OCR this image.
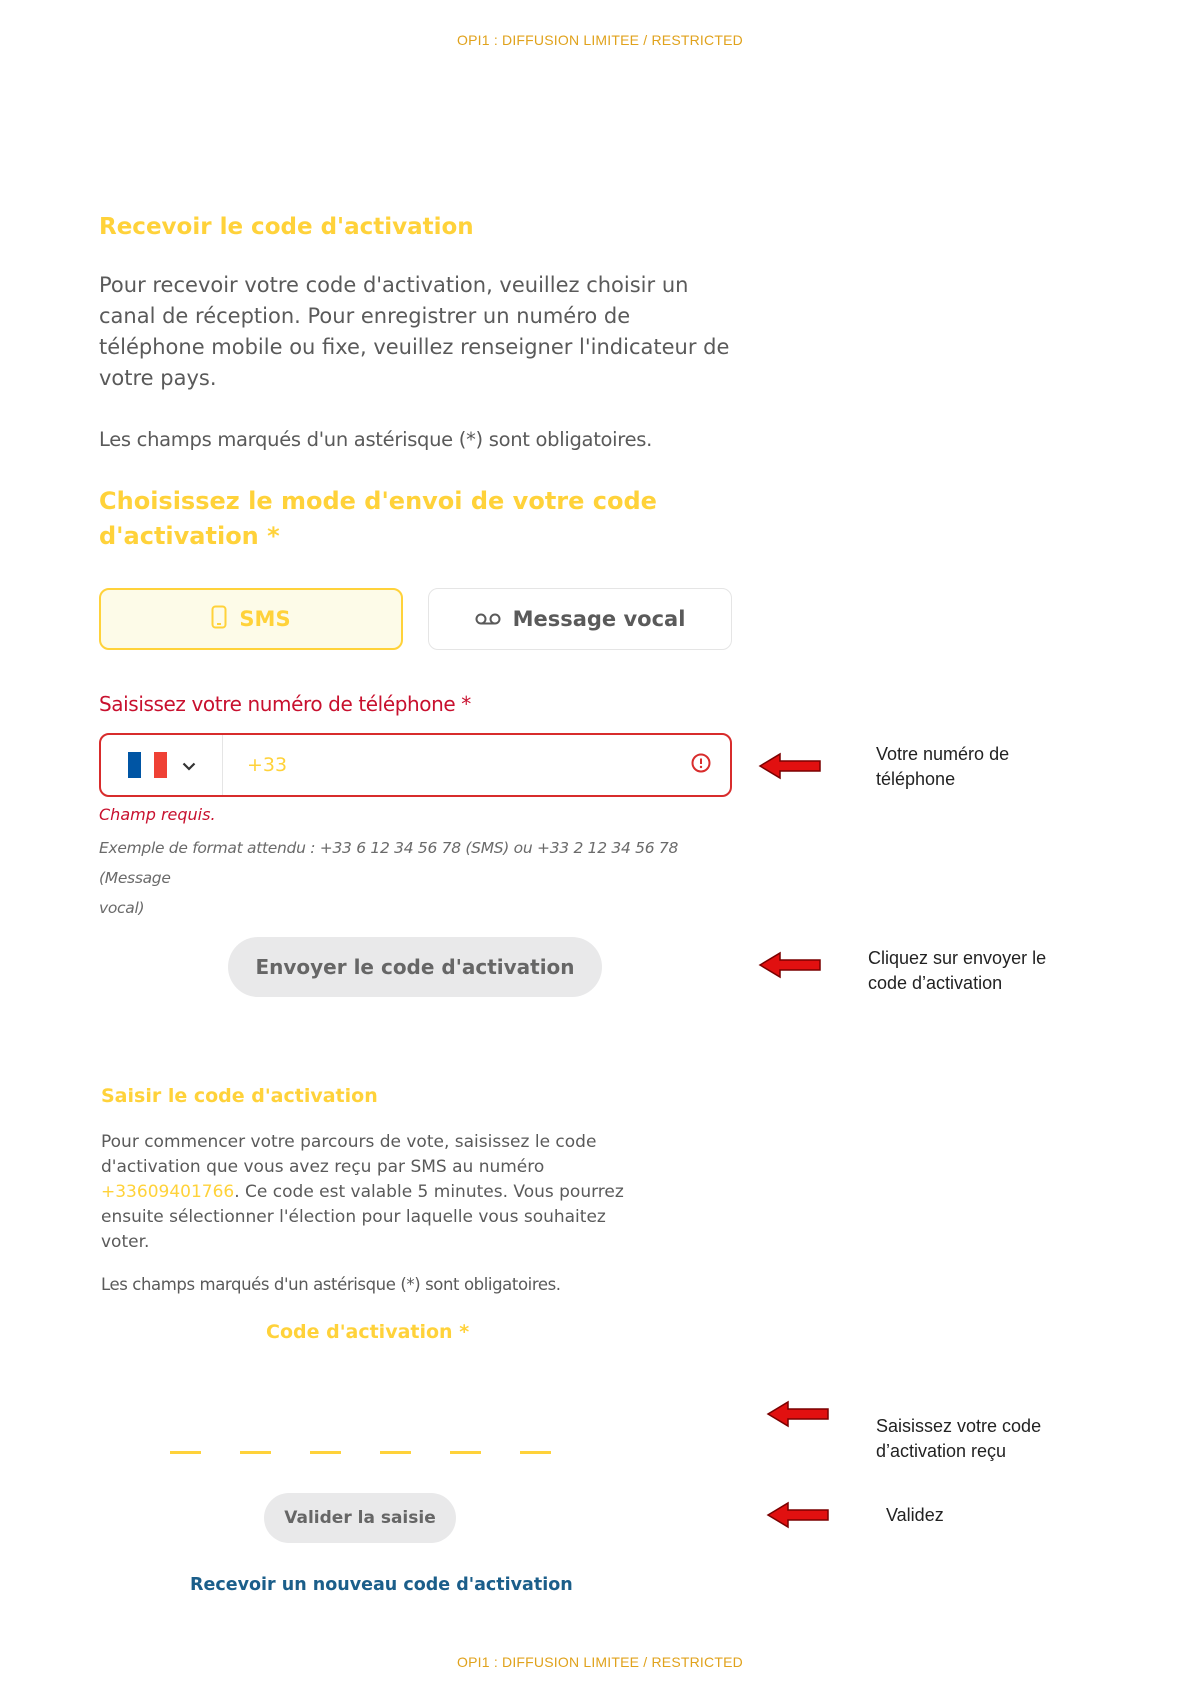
OPI1 : DIFFUSION LIMITEE / RESTRICTED
Recevoir le code d'activation
Pour recevoir votre code d'activation, veuillez choisir un
canal de réception. Pour enregistrer un numéro de
téléphone mobile ou fixe, veuillez renseigner l'indicateur de
votre pays.
Les champs marqués d'un astérisque (*) sont obligatoires.
Choisissez le mode d'envoi de votre code
d'activation *
SMS	Message vocal
Saisissez votre numéro de téléphone *
+33
Champ requis.
Exemple de format attendu : +33 6 12 34 56 78 (SMS) ou +33 2 12 34 56 78 (Message
vocal)
Envoyer le code d'activation
Saisir le code d'activation
Pour commencer votre parcours de vote, saisissez le code
d'activation que vous avez reçu par SMS au numéro
+33609401766. Ce code est valable 5 minutes. Vous pourrez
ensuite sélectionner l'élection pour laquelle vous souhaitez
voter.
Les champs marqués d'un astérisque (*) sont obligatoires.
Code d'activation *
Valider la saisie
Recevoir un nouveau code d'activation
Votre numéro de
téléphone
Cliquez sur envoyer le
code d’activation
Saisissez votre code
d’activation reçu
Validez
OPI1 : DIFFUSION LIMITEE / RESTRICTED
